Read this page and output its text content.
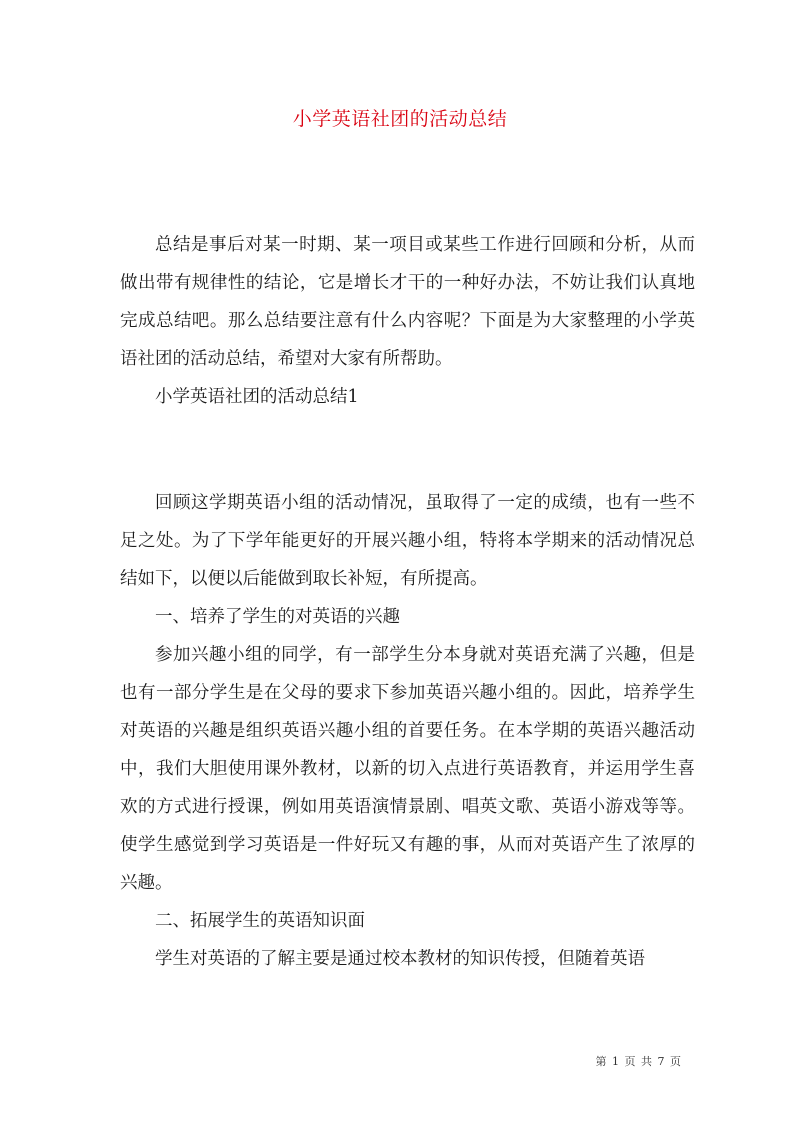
小学英语社团的活动总结

总结是事后对某一时期、某一项目或某些工作进行回顾和分析，从而做出带有规律性的结论，它是增长才干的一种好办法，不妨让我们认真地完成总结吧。那么总结要注意有什么内容呢？下面是为大家整理的小学英语社团的活动总结，希望对大家有所帮助。

小学英语社团的活动总结1

回顾这学期英语小组的活动情况，虽取得了一定的成绩，也有一些不足之处。为了下学年能更好的开展兴趣小组，特将本学期来的活动情况总结如下，以便以后能做到取长补短，有所提高。

一、培养了学生的对英语的兴趣

参加兴趣小组的同学，有一部学生分本身就对英语充满了兴趣，但是也有一部分学生是在父母的要求下参加英语兴趣小组的。因此，培养学生对英语的兴趣是组织英语兴趣小组的首要任务。在本学期的英语兴趣活动中，我们大胆使用课外教材，以新的切入点进行英语教育，并运用学生喜欢的方式进行授课，例如用英语演情景剧、唱英文歌、英语小游戏等等。使学生感觉到学习英语是一件好玩又有趣的事，从而对英语产生了浓厚的兴趣。

二、拓展学生的英语知识面

学生对英语的了解主要是通过校本教材的知识传授，但随着英语

第 1 页 共 7 页
